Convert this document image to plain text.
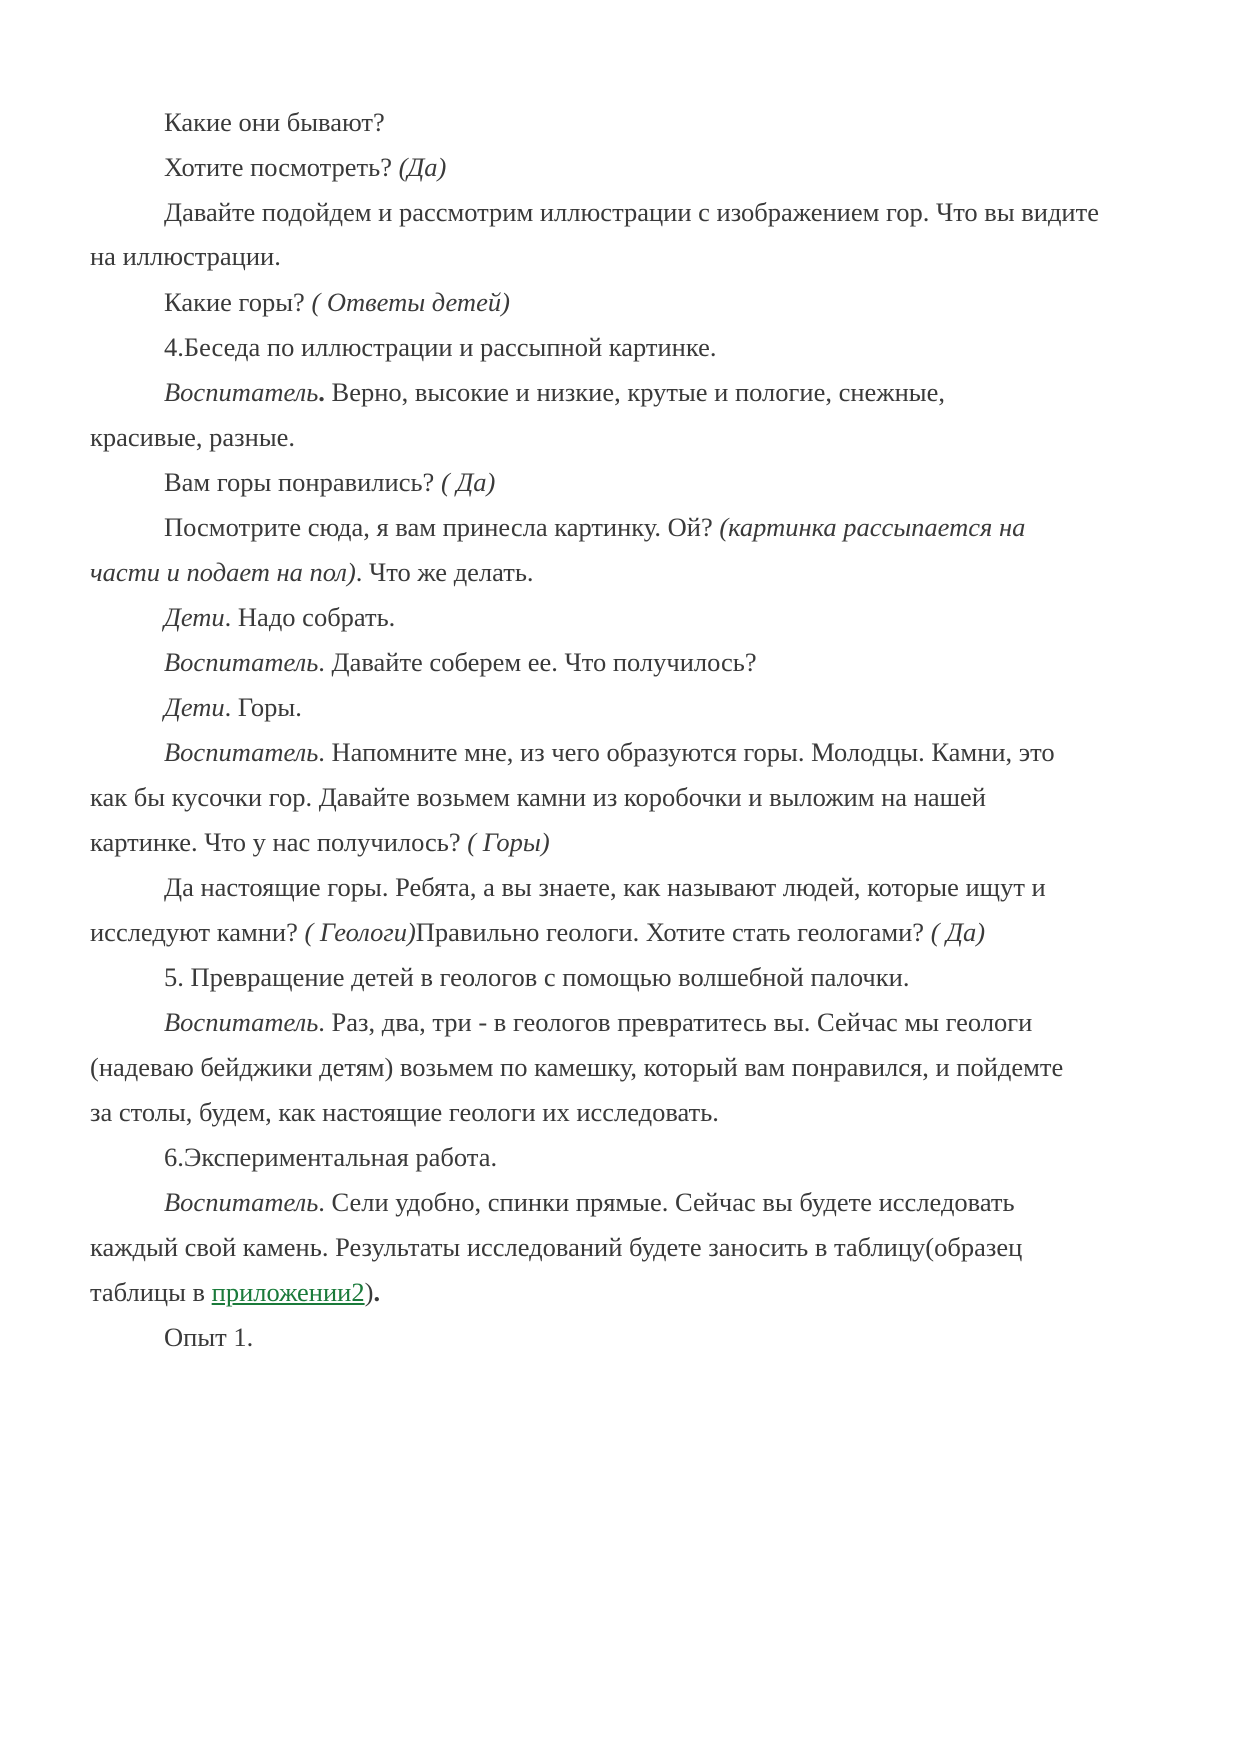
Какие они бывают?
Хотите посмотреть? (Да)
Давайте подойдем и рассмотрим иллюстрации с изображением гор. Что вы видите
на иллюстрации.
Какие горы? ( Ответы детей)
4.Беседа по иллюстрации и рассыпной картинке.
Воспитатель. Верно, высокие и низкие, крутые и пологие, снежные,
красивые, разные.
Вам горы понравились? ( Да)
Посмотрите сюда, я вам принесла картинку. Ой? (картинка рассыпается на
части и подает на пол). Что же делать.
Дети. Надо собрать.
Воспитатель. Давайте соберем ее. Что получилось?
Дети. Горы.
Воспитатель. Напомните мне, из чего образуются горы. Молодцы. Камни, это
как бы кусочки гор. Давайте возьмем камни из коробочки и выложим на нашей
картинке. Что у нас получилось? ( Горы)
Да настоящие горы. Ребята, а вы знаете, как называют людей, которые ищут и
исследуют камни? ( Геологи)Правильно геологи. Хотите стать геологами? ( Да)
5. Превращение детей в геологов с помощью волшебной палочки.
Воспитатель. Раз, два, три - в геологов превратитесь вы. Сейчас мы геологи
(надеваю бейджики детям) возьмем по камешку, который вам понравился, и пойдемте
за столы, будем, как настоящие геологи их исследовать.
6.Экспериментальная работа.
Воспитатель. Сели удобно, спинки прямые. Сейчас вы будете исследовать
каждый свой камень. Результаты исследований будете заносить в таблицу(образец
таблицы в приложении2).
Опыт 1.
